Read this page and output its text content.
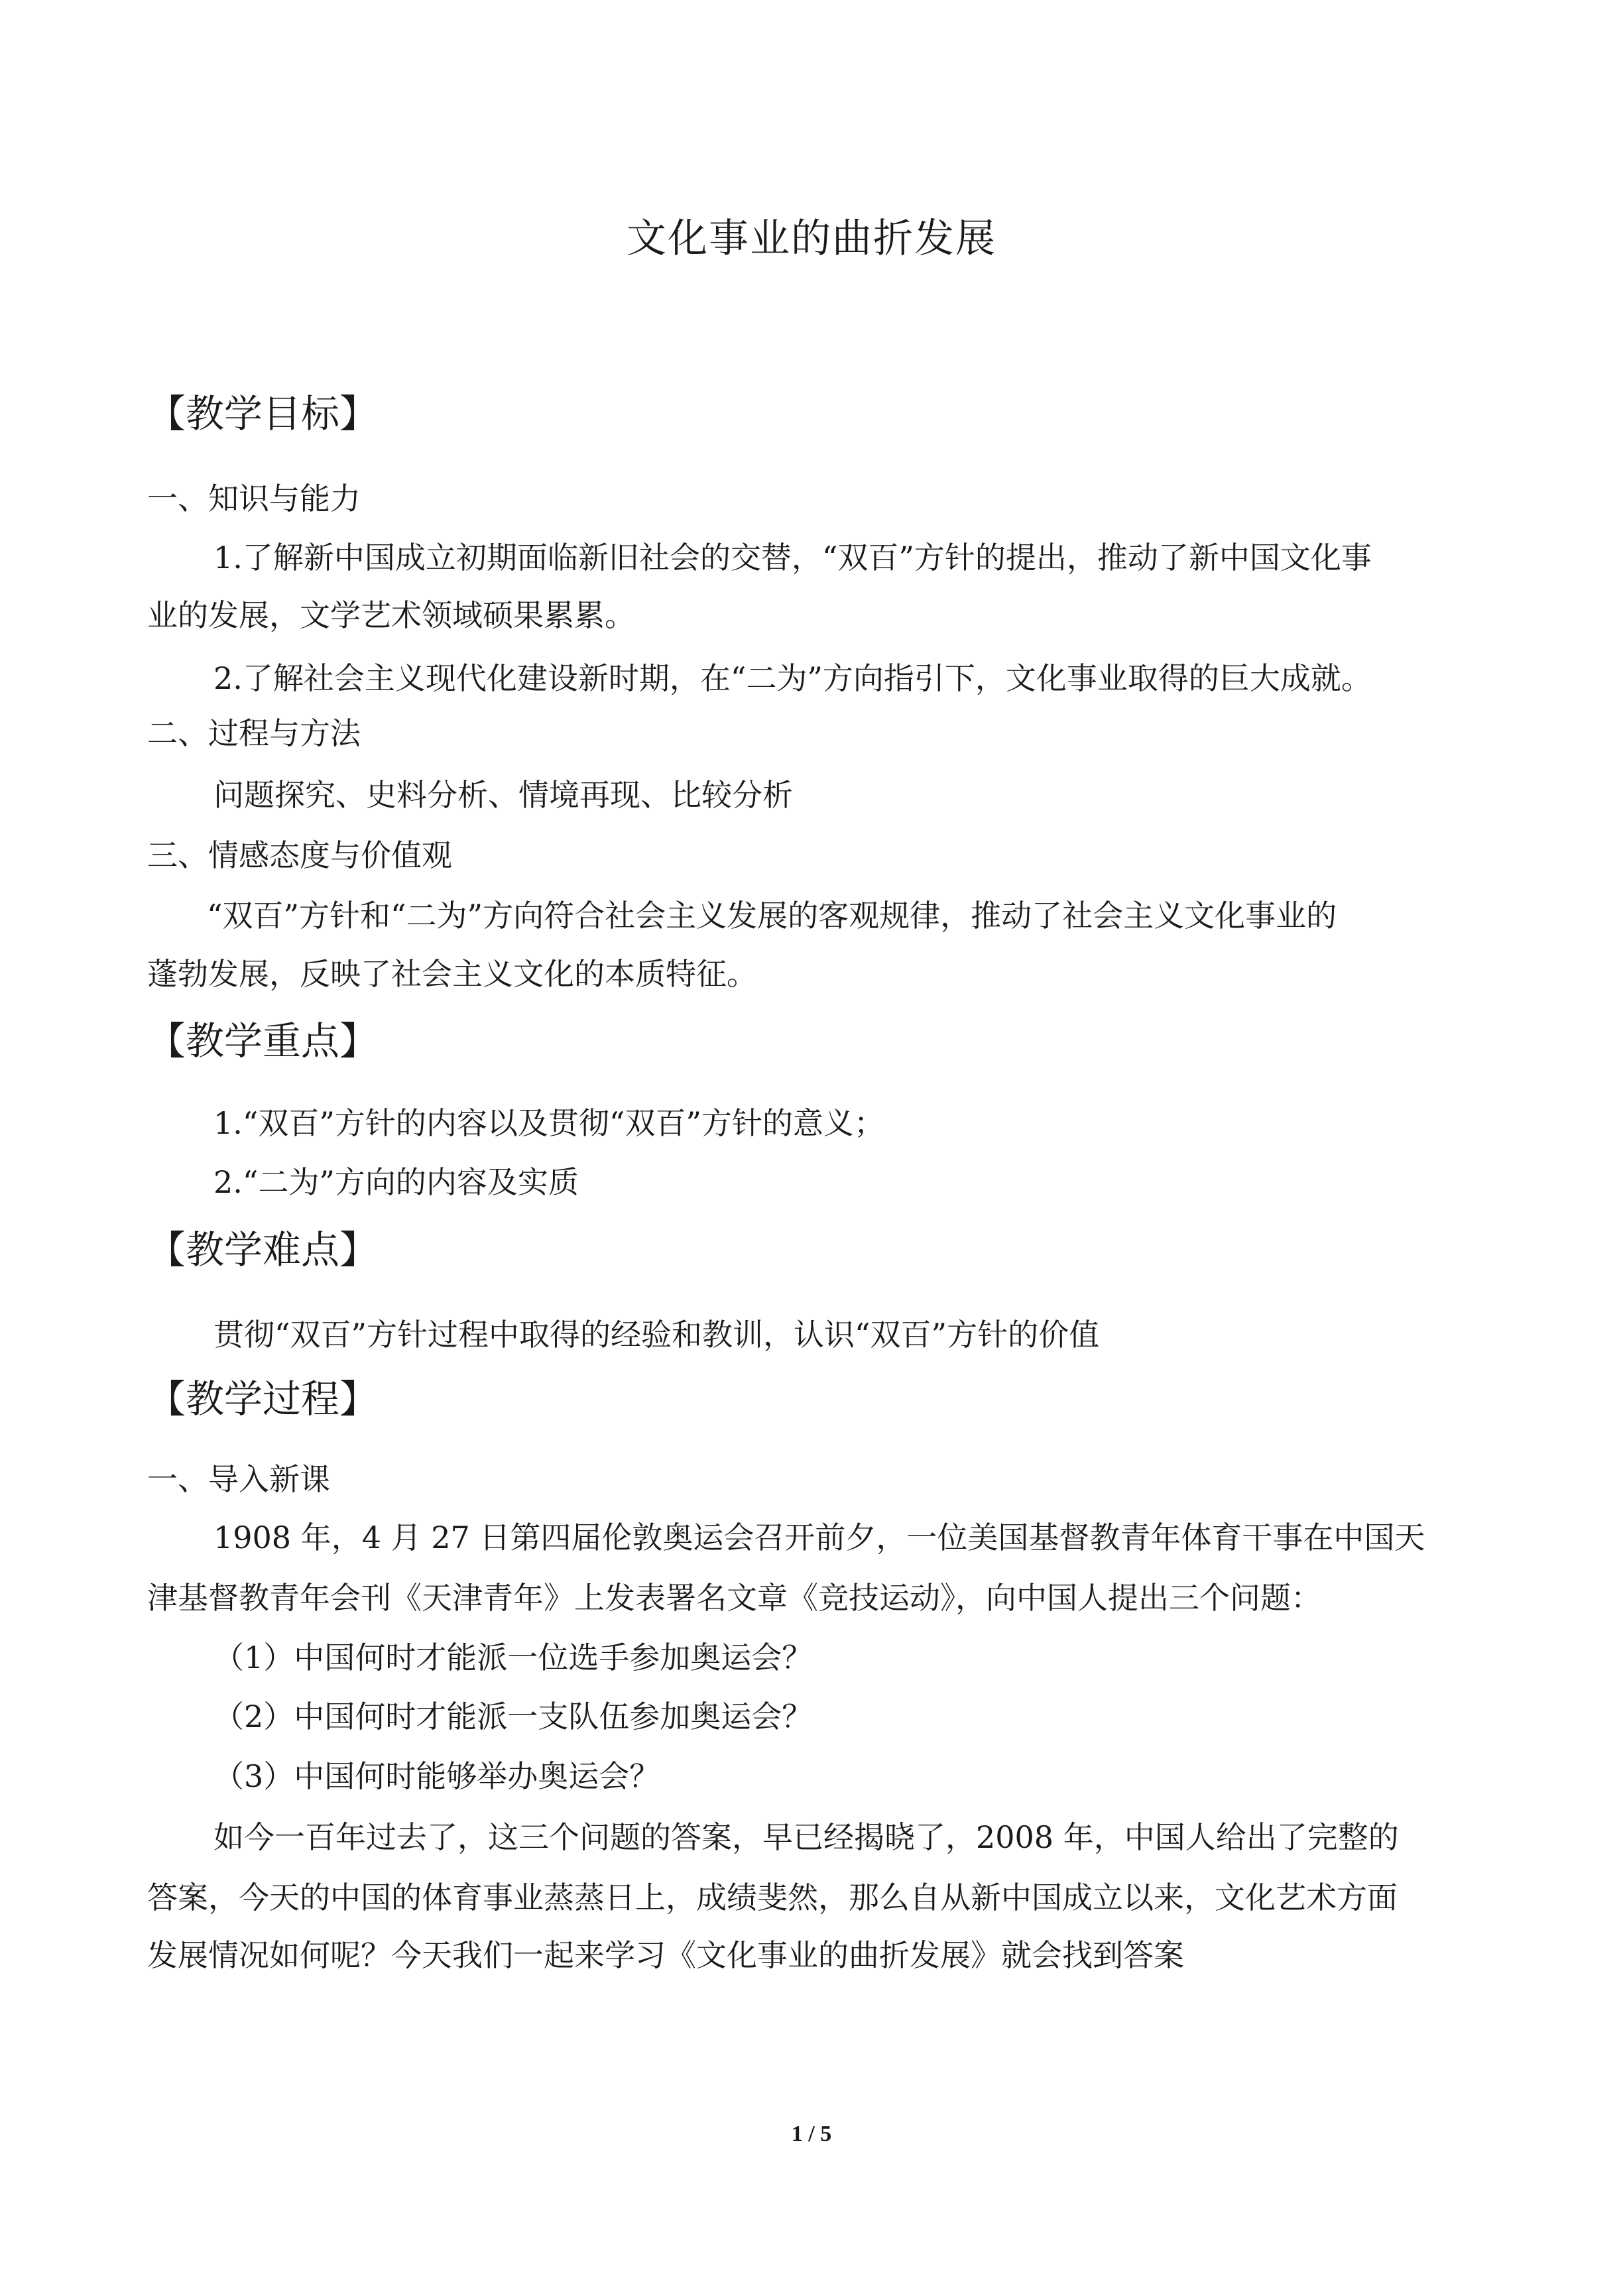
文化事业的曲折发展
【教学目标】
一、知识与能力
1.了解新中国成立初期面临新旧社会的交替，“双百”方针的提出，推动了新中国文化事
业的发展，文学艺术领域硕果累累。
2.了解社会主义现代化建设新时期，在“二为”方向指引下，文化事业取得的巨大成就。
二、过程与方法
问题探究、史料分析、情境再现、比较分析
三、情感态度与价值观
“双百”方针和“二为”方向符合社会主义发展的客观规律，推动了社会主义文化事业的
蓬勃发展，反映了社会主义文化的本质特征。
【教学重点】
1.“双百”方针的内容以及贯彻“双百”方针的意义；
2.“二为”方向的内容及实质
【教学难点】
贯彻“双百”方针过程中取得的经验和教训，认识“双百”方针的价值
【教学过程】
一、导入新课
1908 年，4 月 27 日第四届伦敦奥运会召开前夕，一位美国基督教青年体育干事在中国天
津基督教青年会刊《天津青年》上发表署名文章《竞技运动》，向中国人提出三个问题：
（1）中国何时才能派一位选手参加奥运会？
（2）中国何时才能派一支队伍参加奥运会？
（3）中国何时能够举办奥运会？
如今一百年过去了，这三个问题的答案，早已经揭晓了，2008 年，中国人给出了完整的
答案，今天的中国的体育事业蒸蒸日上，成绩斐然，那么自从新中国成立以来，文化艺术方面
发展情况如何呢？今天我们一起来学习《文化事业的曲折发展》就会找到答案
1 / 5
